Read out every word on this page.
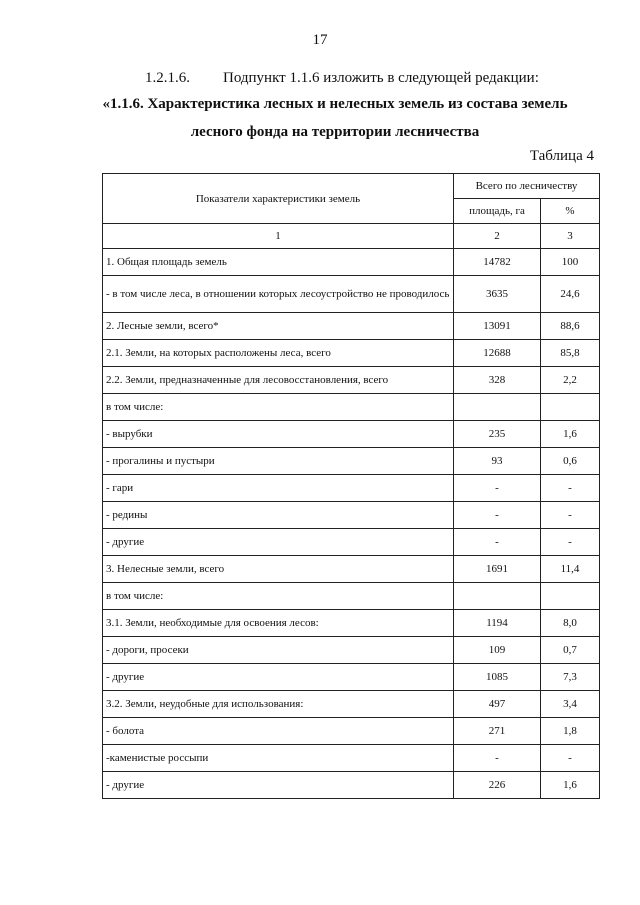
17
1.2.1.6. Подпункт 1.1.6 изложить в следующей редакции:
«1.1.6. Характеристика лесных и нелесных земель из состава земель
лесного фонда на территории лесничества
Таблица 4
Показатели характеристики земель	Всего по лесничеству	
	площадь, га	%
1	2	3
1. Общая площадь земель	14782	100
- в том числе леса, в отношении которых лесоустройство не проводилось	3635	24,6
2. Лесные земли, всего*	13091	88,6
2.1. Земли, на которых расположены леса, всего	12688	85,8
2.2. Земли, предназначенные для лесовосстановления, всего	328	2,2
в том числе:		
- вырубки	235	1,6
- прогалины и пустыри	93	0,6
- гари	-	-
- редины	-	-
- другие	-	-
3. Нелесные земли, всего	1691	11,4
в том числе:		
3.1. Земли, необходимые для освоения лесов:	1194	8,0
- дороги, просеки	109	0,7
- другие	1085	7,3
3.2. Земли, неудобные для использования:	497	3,4
- болота	271	1,8
-каменистые россыпи	-	-
- другие	226	1,6
